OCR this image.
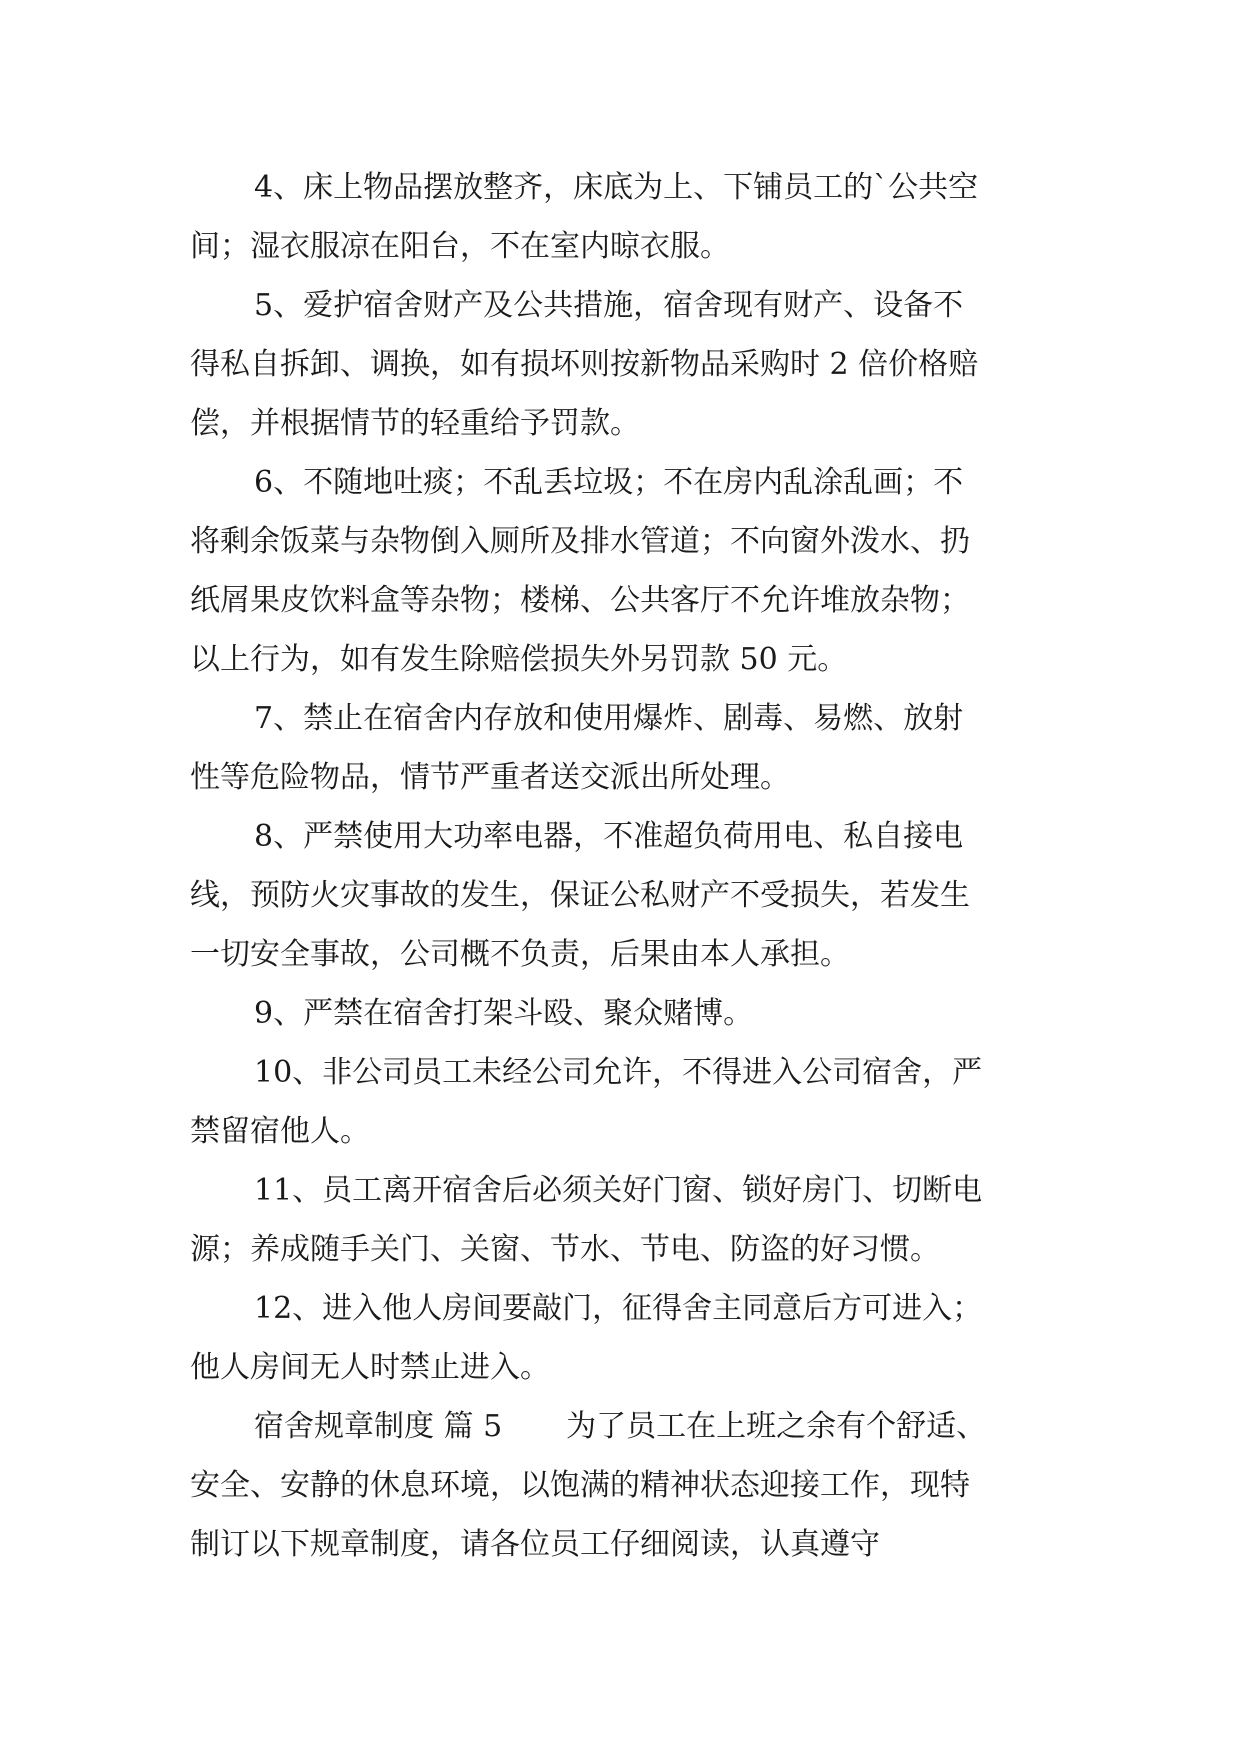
4、床上物品摆放整齐，床底为上、下铺员工的`公共空
间；湿衣服凉在阳台，不在室内晾衣服。
5、爱护宿舍财产及公共措施，宿舍现有财产、设备不
得私自拆卸、调换，如有损坏则按新物品采购时 2 倍价格赔
偿，并根据情节的轻重给予罚款。
6、不随地吐痰；不乱丢垃圾；不在房内乱涂乱画；不
将剩余饭菜与杂物倒入厕所及排水管道；不向窗外泼水、扔
纸屑果皮饮料盒等杂物；楼梯、公共客厅不允许堆放杂物；
以上行为，如有发生除赔偿损失外另罚款 50 元。
7、禁止在宿舍内存放和使用爆炸、剧毒、易燃、放射
性等危险物品，情节严重者送交派出所处理。
8、严禁使用大功率电器，不准超负荷用电、私自接电
线，预防火灾事故的发生，保证公私财产不受损失，若发生
一切安全事故，公司概不负责，后果由本人承担。
9、严禁在宿舍打架斗殴、聚众赌博。
10、非公司员工未经公司允许，不得进入公司宿舍，严
禁留宿他人。
11、员工离开宿舍后必须关好门窗、锁好房门、切断电
源；养成随手关门、关窗、节水、节电、防盗的好习惯。
12、进入他人房间要敲门，征得舍主同意后方可进入；
他人房间无人时禁止进入。
宿舍规章制度 篇 5 为了员工在上班之余有个舒适、
安全、安静的休息环境，以饱满的精神状态迎接工作，现特
制订以下规章制度，请各位员工仔细阅读，认真遵守
